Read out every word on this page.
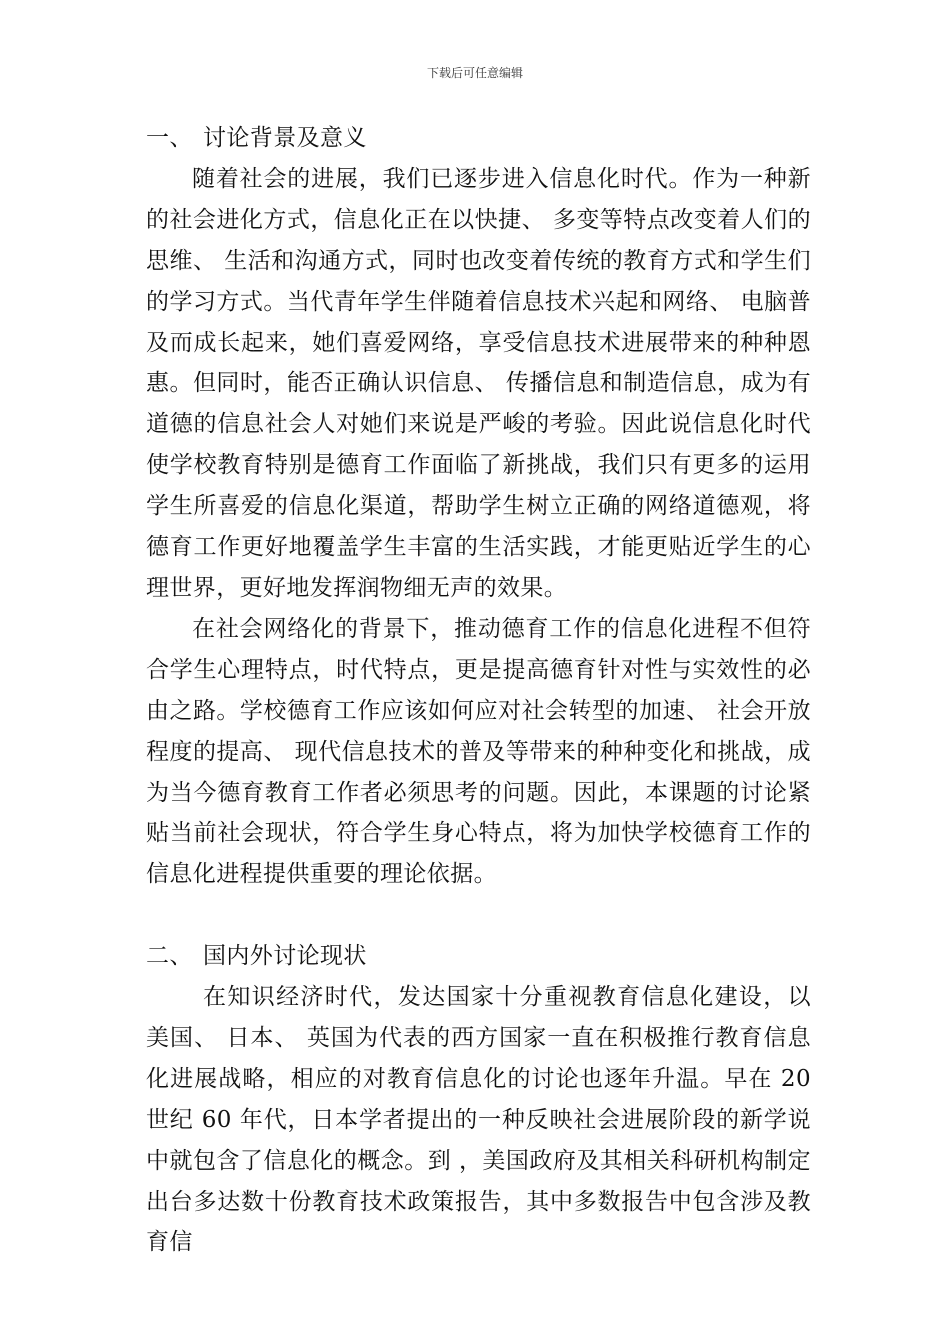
下载后可任意编辑

一、 讨论背景及意义

随着社会的进展，我们已逐步进入信息化时代。作为一种新的社会进化方式，信息化正在以快捷、 多变等特点改变着人们的思维、 生活和沟通方式，同时也改变着传统的教育方式和学生们的学习方式。当代青年学生伴随着信息技术兴起和网络、 电脑普及而成长起来，她们喜爱网络，享受信息技术进展带来的种种恩惠。但同时，能否正确认识信息、 传播信息和制造信息，成为有道德的信息社会人对她们来说是严峻的考验。因此说信息化时代使学校教育特别是德育工作面临了新挑战，我们只有更多的运用学生所喜爱的信息化渠道，帮助学生树立正确的网络道德观，将德育工作更好地覆盖学生丰富的生活实践，才能更贴近学生的心理世界，更好地发挥润物细无声的效果。

在社会网络化的背景下，推动德育工作的信息化进程不但符合学生心理特点，时代特点，更是提高德育针对性与实效性的必由之路。学校德育工作应该如何应对社会转型的加速、 社会开放程度的提高、 现代信息技术的普及等带来的种种变化和挑战，成为当今德育教育工作者必须思考的问题。因此，本课题的讨论紧贴当前社会现状，符合学生身心特点，将为加快学校德育工作的信息化进程提供重要的理论依据。

二、 国内外讨论现状

在知识经济时代，发达国家十分重视教育信息化建设，以美国、 日本、 英国为代表的西方国家一直在积极推行教育信息化进展战略，相应的对教育信息化的讨论也逐年升温。早在 20 世纪 60 年代，日本学者提出的一种反映社会进展阶段的新学说中就包含了信息化的概念。到 ，美国政府及其相关科研机构制定出台多达数十份教育技术政策报告，其中多数报告中包含涉及教育信
